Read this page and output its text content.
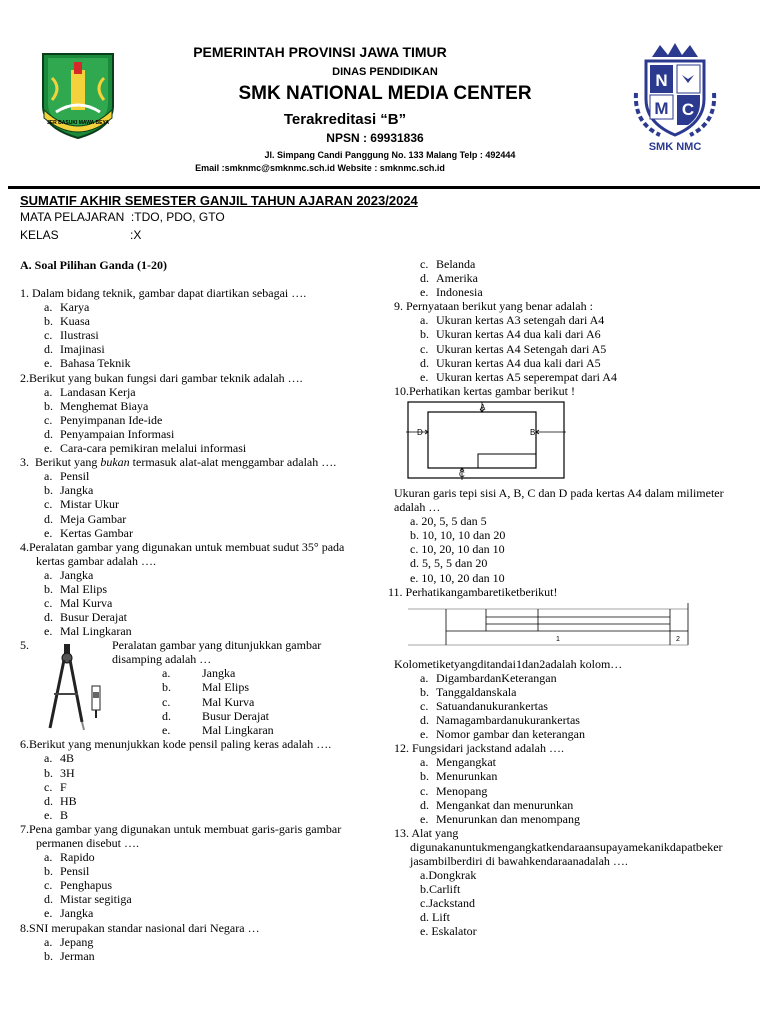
JER BASUKI MAWA BEYA
PEMERINTAH PROVINSI JAWA TIMUR
DINAS PENDIDIKAN
SMK NATIONAL MEDIA CENTER
Terakreditasi “B”
NPSN : 69931836
Jl. Simpang Candi Panggung No. 133 Malang Telp : 492444
Email :smknmc@smknmc.sch.id Website : smknmc.sch.id
N
M C
SMK NMC
SUMATIF AKHIR SEMESTER GANJIL TAHUN AJARAN 2023/2024
MATA PELAJARAN  :TDO, PDO, GTO
KELAS	:X
A. Soal Pilihan Ganda (1-20)
1. Dalam bidang teknik, gambar dapat diartikan sebagai ….
a. Karya
b. Kuasa
c. Ilustrasi
d. Imajinasi
e. Bahasa Teknik
2.Berikut yang bukan fungsi dari gambar teknik adalah ….
a. Landasan Kerja
b. Menghemat Biaya
c. Penyimpanan Ide-ide
d. Penyampaian Informasi
e. Cara-cara pemikiran melalui informasi
3.  Berikut yang bukan termasuk alat-alat menggambar adalah ….
a. Pensil
b. Jangka
c. Mistar Ukur
d. Meja Gambar
e. Kertas Gambar
4.Peralatan gambar yang digunakan untuk membuat sudut 35° pada
kertas gambar adalah ….
a. Jangka
b. Mal Elips
c. Mal Kurva
d. Busur Derajat
e. Mal Lingkaran
5.	Peralatan gambar yang ditunjukkan gambar
disamping adalah …
a.	Jangka
b.	Mal Elips
c.	Mal Kurva
d.	Busur Derajat
e.	Mal Lingkaran
6.Berikut yang menunjukkan kode pensil paling keras adalah ….
a. 4B
b. 3H
c. F
d. HB
e. B
7.Pena gambar yang digunakan untuk membuat garis-garis gambar
permanen disebut ….
a. Rapido
b. Pensil
c. Penghapus
d. Mistar segitiga
e. Jangka
8.SNI merupakan standar nasional dari Negara …
a. Jepang
b. Jerman
c. Belanda
d. Amerika
e. Indonesia
9. Pernyataan berikut yang benar adalah :
a. Ukuran kertas A3 setengah dari A4
b. Ukuran kertas A4 dua kali dari A6
c. Ukuran kertas A4 Setengah dari A5
d. Ukuran kertas A4 dua kali dari A5
e. Ukuran kertas A5 seperempat dari A4
10.Perhatikan kertas gambar berikut !
A
B
C
D
Ukuran garis tepi sisi A, B, C dan D pada kertas A4 dalam milimeter
adalah …
a. 20, 5, 5 dan 5
b. 10, 10, 10 dan 20
c. 10, 20, 10 dan 10
d. 5, 5, 5 dan 20
e. 10, 10, 20 dan 10
11. Perhatikangambaretiketberikut!
1	2
Kolometiketyangditandai1dan2adalah kolom…
a. DigambardanKeterangan
b. Tanggaldanskala
c. Satuandanukurankertas
d. Namagambardanukurankertas
e. Nomor gambar dan keterangan
12. Fungsidari jackstand adalah ….
a. Mengangkat
b. Menurunkan
c. Menopang
d. Mengankat dan menurunkan
e. Menurunkan dan menompang
13. Alat yang
digunakanuntukmengangkatkendaraansupayamekanikdapatbeker
jasambilberdiri di bawahkendaraanadalah ….
a.Dongkrak
b.Carlift
c.Jackstand
d. Lift
e. Eskalator
